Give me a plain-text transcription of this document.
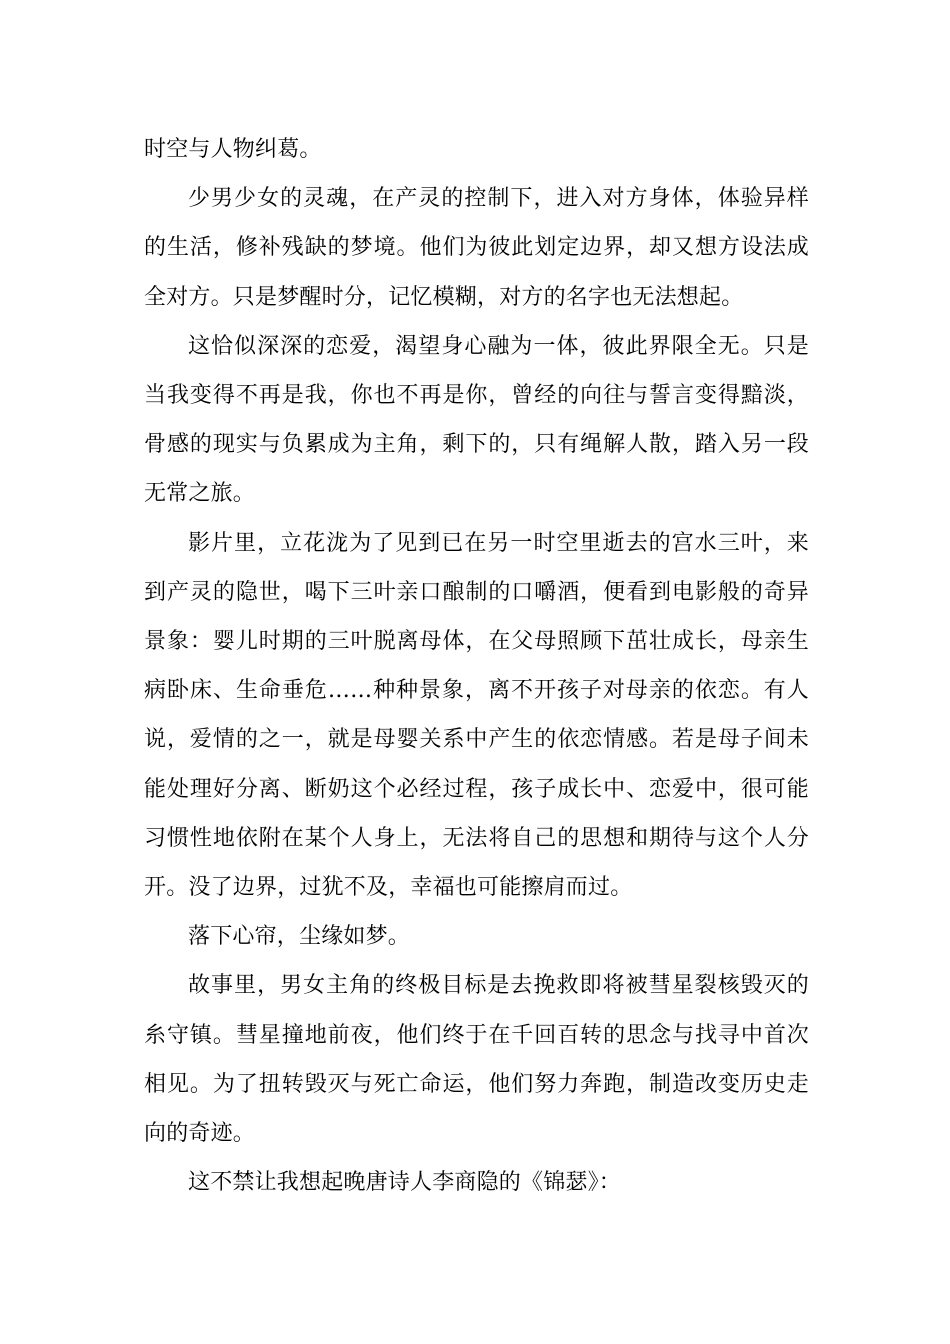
时空与人物纠葛。

少男少女的灵魂，在产灵的控制下，进入对方身体，体验异样的生活，修补残缺的梦境。他们为彼此划定边界，却又想方设法成全对方。只是梦醒时分，记忆模糊，对方的名字也无法想起。

这恰似深深的恋爱，渴望身心融为一体，彼此界限全无。只是当我变得不再是我，你也不再是你，曾经的向往与誓言变得黯淡，骨感的现实与负累成为主角，剩下的，只有绳解人散，踏入另一段无常之旅。

影片里，立花泷为了见到已在另一时空里逝去的宫水三叶，来到产灵的隐世，喝下三叶亲口酿制的口嚼酒，便看到电影般的奇异景象：婴儿时期的三叶脱离母体，在父母照顾下茁壮成长，母亲生病卧床、生命垂危……种种景象，离不开孩子对母亲的依恋。有人说，爱情的之一，就是母婴关系中产生的依恋情感。若是母子间未能处理好分离、断奶这个必经过程，孩子成长中、恋爱中，很可能习惯性地依附在某个人身上，无法将自己的思想和期待与这个人分开。没了边界，过犹不及，幸福也可能擦肩而过。

落下心帘，尘缘如梦。

故事里，男女主角的终极目标是去挽救即将被彗星裂核毁灭的糸守镇。彗星撞地前夜，他们终于在千回百转的思念与找寻中首次相见。为了扭转毁灭与死亡命运，他们努力奔跑，制造改变历史走向的奇迹。

这不禁让我想起晚唐诗人李商隐的《锦瑟》：
